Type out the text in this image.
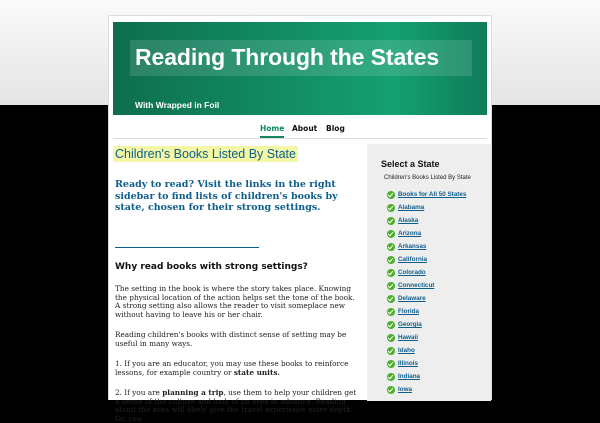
Reading Through the States
With Wrapped in Foil
Home About Blog
Children's Books Listed By State
Ready to read? Visit the links in the right sidebar to find lists of children's books by state, chosen for their strong settings.
Why read books with strong settings?

The setting in the book is where the story takes place. Knowing the physical location of the action helps set the tone of the book. A strong setting also allows the reader to visit someplace new without having to leave his or her chair.

Reading children's books with distinct sense of setting may be useful in many ways.

1. If you are an educator, you may use these books to reinforce lessons, for example country or state units.

2. If you are planning a trip, use them to help your children get a sense of the culture and look of an area in advance. Reading about the area will likely give the travel experience more depth. Or, you

Select a State
Children's Books Listed By State
Books for All 50 States
Alabama
Alaska
Arizona
Arkansas
California
Colorado
Connecticut
Delaware
Florida
Georgia
Hawaii
Idaho
Illinois
Indiana
Iowa
